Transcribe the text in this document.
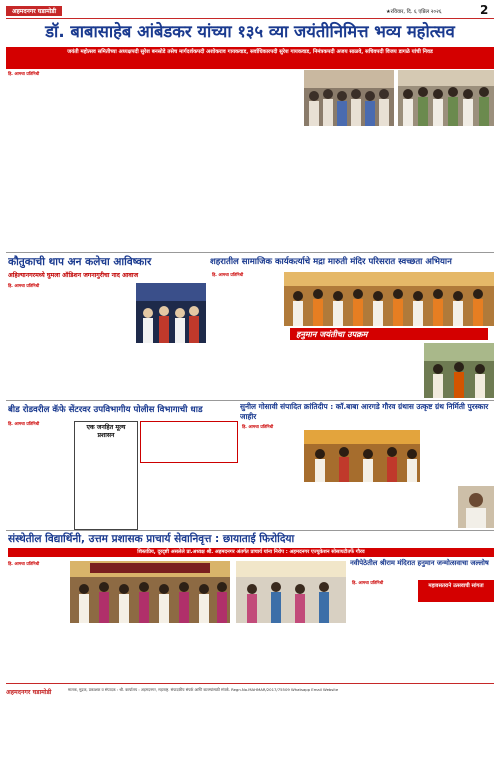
अहमदनगर घडामोडी	★रविवार, दि. ६ एप्रिल २०२६	2
डॉ. बाबासाहेब आंबेडकर यांच्या १३५ व्या जयंतीनिमित्त भव्य महोत्सव
जयंती महोत्सव समितीच्या अध्यक्षपदी सुरेश बनसोडे तसेच मार्गदर्शकपदी अशोकराव गायकवाड, सर्वाधिकारपदी सुरेश गायकवाड, निमंत्रकपदी अजय साळवे, सचिवपदी विजय डागळे यांची निवड
हि. आमचा प्रतिनिधी

कौतुकाची थाप अन कलेचा आविष्कार
अहिल्यानगरमध्ये घुमला ऑडिशन जगनागुरीचा नाद आवाज
हि. आमचा प्रतिनिधी
शहरातील सामाजिक कार्यकर्त्याचे मद्रा मारुती मंदिर परिसरात स्वच्छता अभियान
हि. आमचा प्रतिनिधी
हनुमान जयंतीचा उपक्रम
बीड रोडवरील कॅफे सेंटरवर उपविभागीय पोलीस विभागाची धाड
हि. आमचा प्रतिनिधी
एक जनहित मूल्य प्रशासन
सुनील गोसावी संपादित क्रांतिदीप : कॉ.बाबा आरगडे गौरव ग्रंथास उत्कृष्ट ग्रंथ निर्मिती पुरस्कार जाहीर
हि. आमचा प्रतिनिधी
संस्थेतील विद्यार्थिनी, उत्तम प्रशासक प्राचार्य सेवानिवृत्त : छायाताई फिरोदिया
शिस्तप्रिय, दूरदृष्टी असलेले प्रा.अध्यक्ष श्री. अहमदनगर अंतर्गत प्राचार्य यांना निरोप : अहमदनगर एज्युकेशन सोसायटीतर्फे गौरव
हि. आमचा प्रतिनिधी	नवीपेठेतील श्रीराम मंदिरात हनुमान जन्मोत्सवाचा जल्लोष
हि. आमचा प्रतिनिधी
महावसतराने उत्सवाची सांगता
अहमदनगर घडामोडी	मालक, मुद्रक, प्रकाशक व संपादक : श्री. कार्यालय : अहमदनगर, महाराष्ट्र. संपादकीय संपर्क आणि बातम्यांसाठी संपर्क. Regn.No.MAHMAR/2017/75509 Whatsapp Email Website
